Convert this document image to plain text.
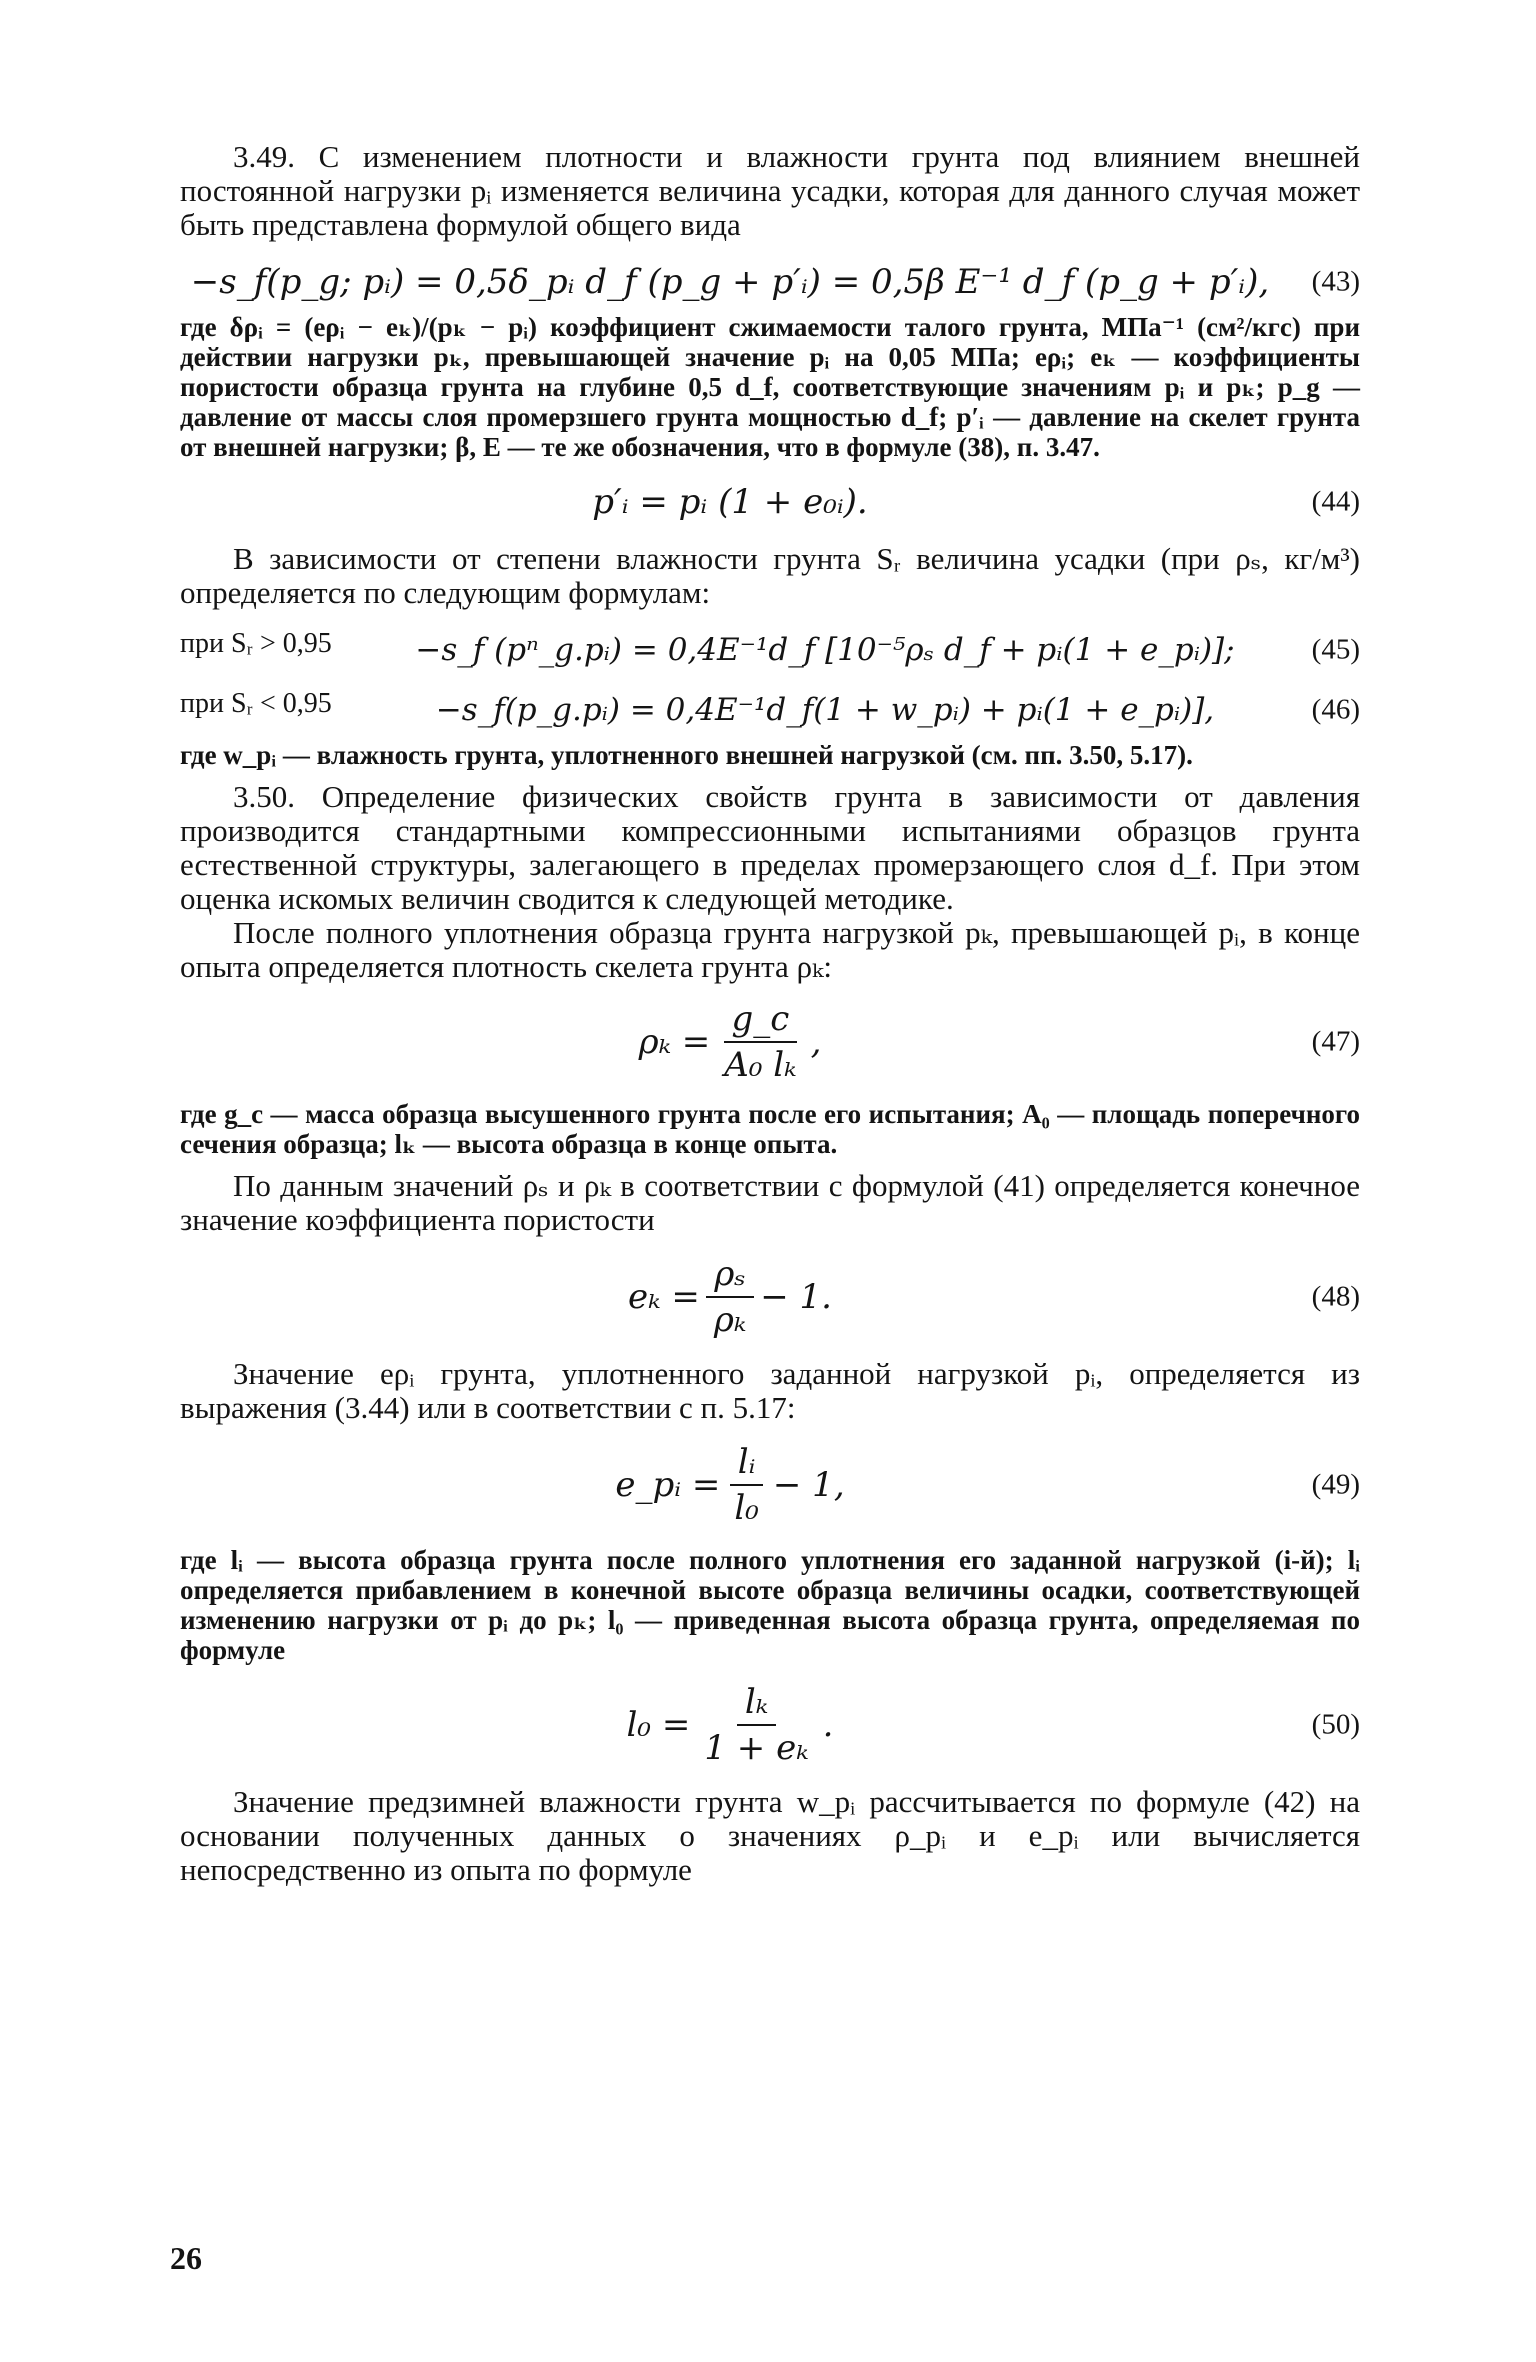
3.49. С изменением плотности и влажности грунта под влиянием внешней постоянной нагрузки pᵢ изменяется величина усадки, которая для данного случая может быть представлена формулой общего вида

−s_f(p_g; pᵢ) = 0,5δ_pᵢ d_f (p_g + p′ᵢ) = 0,5β E⁻¹ d_f (p_g + p′ᵢ),	(43)

где δρᵢ = (eρᵢ − eₖ)/(pₖ − pᵢ) коэффициент сжимаемости талого грунта, МПа⁻¹ (см²/кгс) при действии нагрузки pₖ, превышающей значение pᵢ на 0,05 МПа; eρᵢ; eₖ — коэффициенты пористости образца грунта на глубине 0,5 d_f, соответствующие значениям pᵢ и pₖ; p_g — давление от массы слоя промерзшего грунта мощностью d_f; p′ᵢ — давление на скелет грунта от внешней нагрузки; β, E — те же обозначения, что в формуле (38), п. 3.47.

p′ᵢ = pᵢ (1 + e₀ᵢ).	(44)

В зависимости от степени влажности грунта Sᵣ величина усадки (при ρₛ, кг/м³) определяется по следующим формулам:

при Sᵣ > 0,95	−s_f (pⁿ_g.pᵢ) = 0,4E⁻¹d_f [10⁻⁵ρₛ d_f + pᵢ(1 + e_pᵢ)];	(45)
при Sᵣ < 0,95	−s_f(p_g.pᵢ) = 0,4E⁻¹d_f(1 + w_pᵢ) + pᵢ(1 + e_pᵢ)],	(46)

где w_pᵢ — влажность грунта, уплотненного внешней нагрузкой (см. пп. 3.50, 5.17).

3.50. Определение физических свойств грунта в зависимости от давления производится стандартными компрессионными испытаниями образцов грунта естественной структуры, залегающего в пределах промерзающего слоя d_f. При этом оценка искомых величин сводится к следующей методике.

После полного уплотнения образца грунта нагрузкой pₖ, превышающей pᵢ, в конце опыта определяется плотность скелета грунта ρₖ:

$\rho_k = \frac{g\_c}{\text{A₀ lₖ}}$ ,	(47)

где g_c — масса образца высушенного грунта после его испытания; A₀ — площадь поперечного сечения образца; lₖ — высота образца в конце опыта.

По данным значений ρₛ и ρₖ в соответствии с формулой (41) определяется конечное значение коэффициента пористости

$e_k = \frac{\text{ρₛ}}{\text{ρₖ}} - 1$.	(48)

Значение eρᵢ грунта, уплотненного заданной нагрузкой pᵢ, определяется из выражения (3.44) или в соответствии с п. 5.17:

e_pᵢ = $\frac{\text{lᵢ}}{\text{l₀}} - 1$,	(49)

где lᵢ — высота образца грунта после полного уплотнения его заданной нагрузкой (i-й); lᵢ определяется прибавлением в конечной высоте образца величины осадки, соответствующей изменению нагрузки от pᵢ до pₖ; l₀ — приведенная высота образца грунта, определяемая по формуле

$l_0 = \frac{\text{lₖ}}{\text{1 + eₖ}}$ .	(50)

Значение предзимней влажности грунта w_pᵢ рассчитывается по формуле (42) на основании полученных данных о значениях ρ_pᵢ и e_pᵢ или вычисляется непосредственно из опыта по формуле

26
